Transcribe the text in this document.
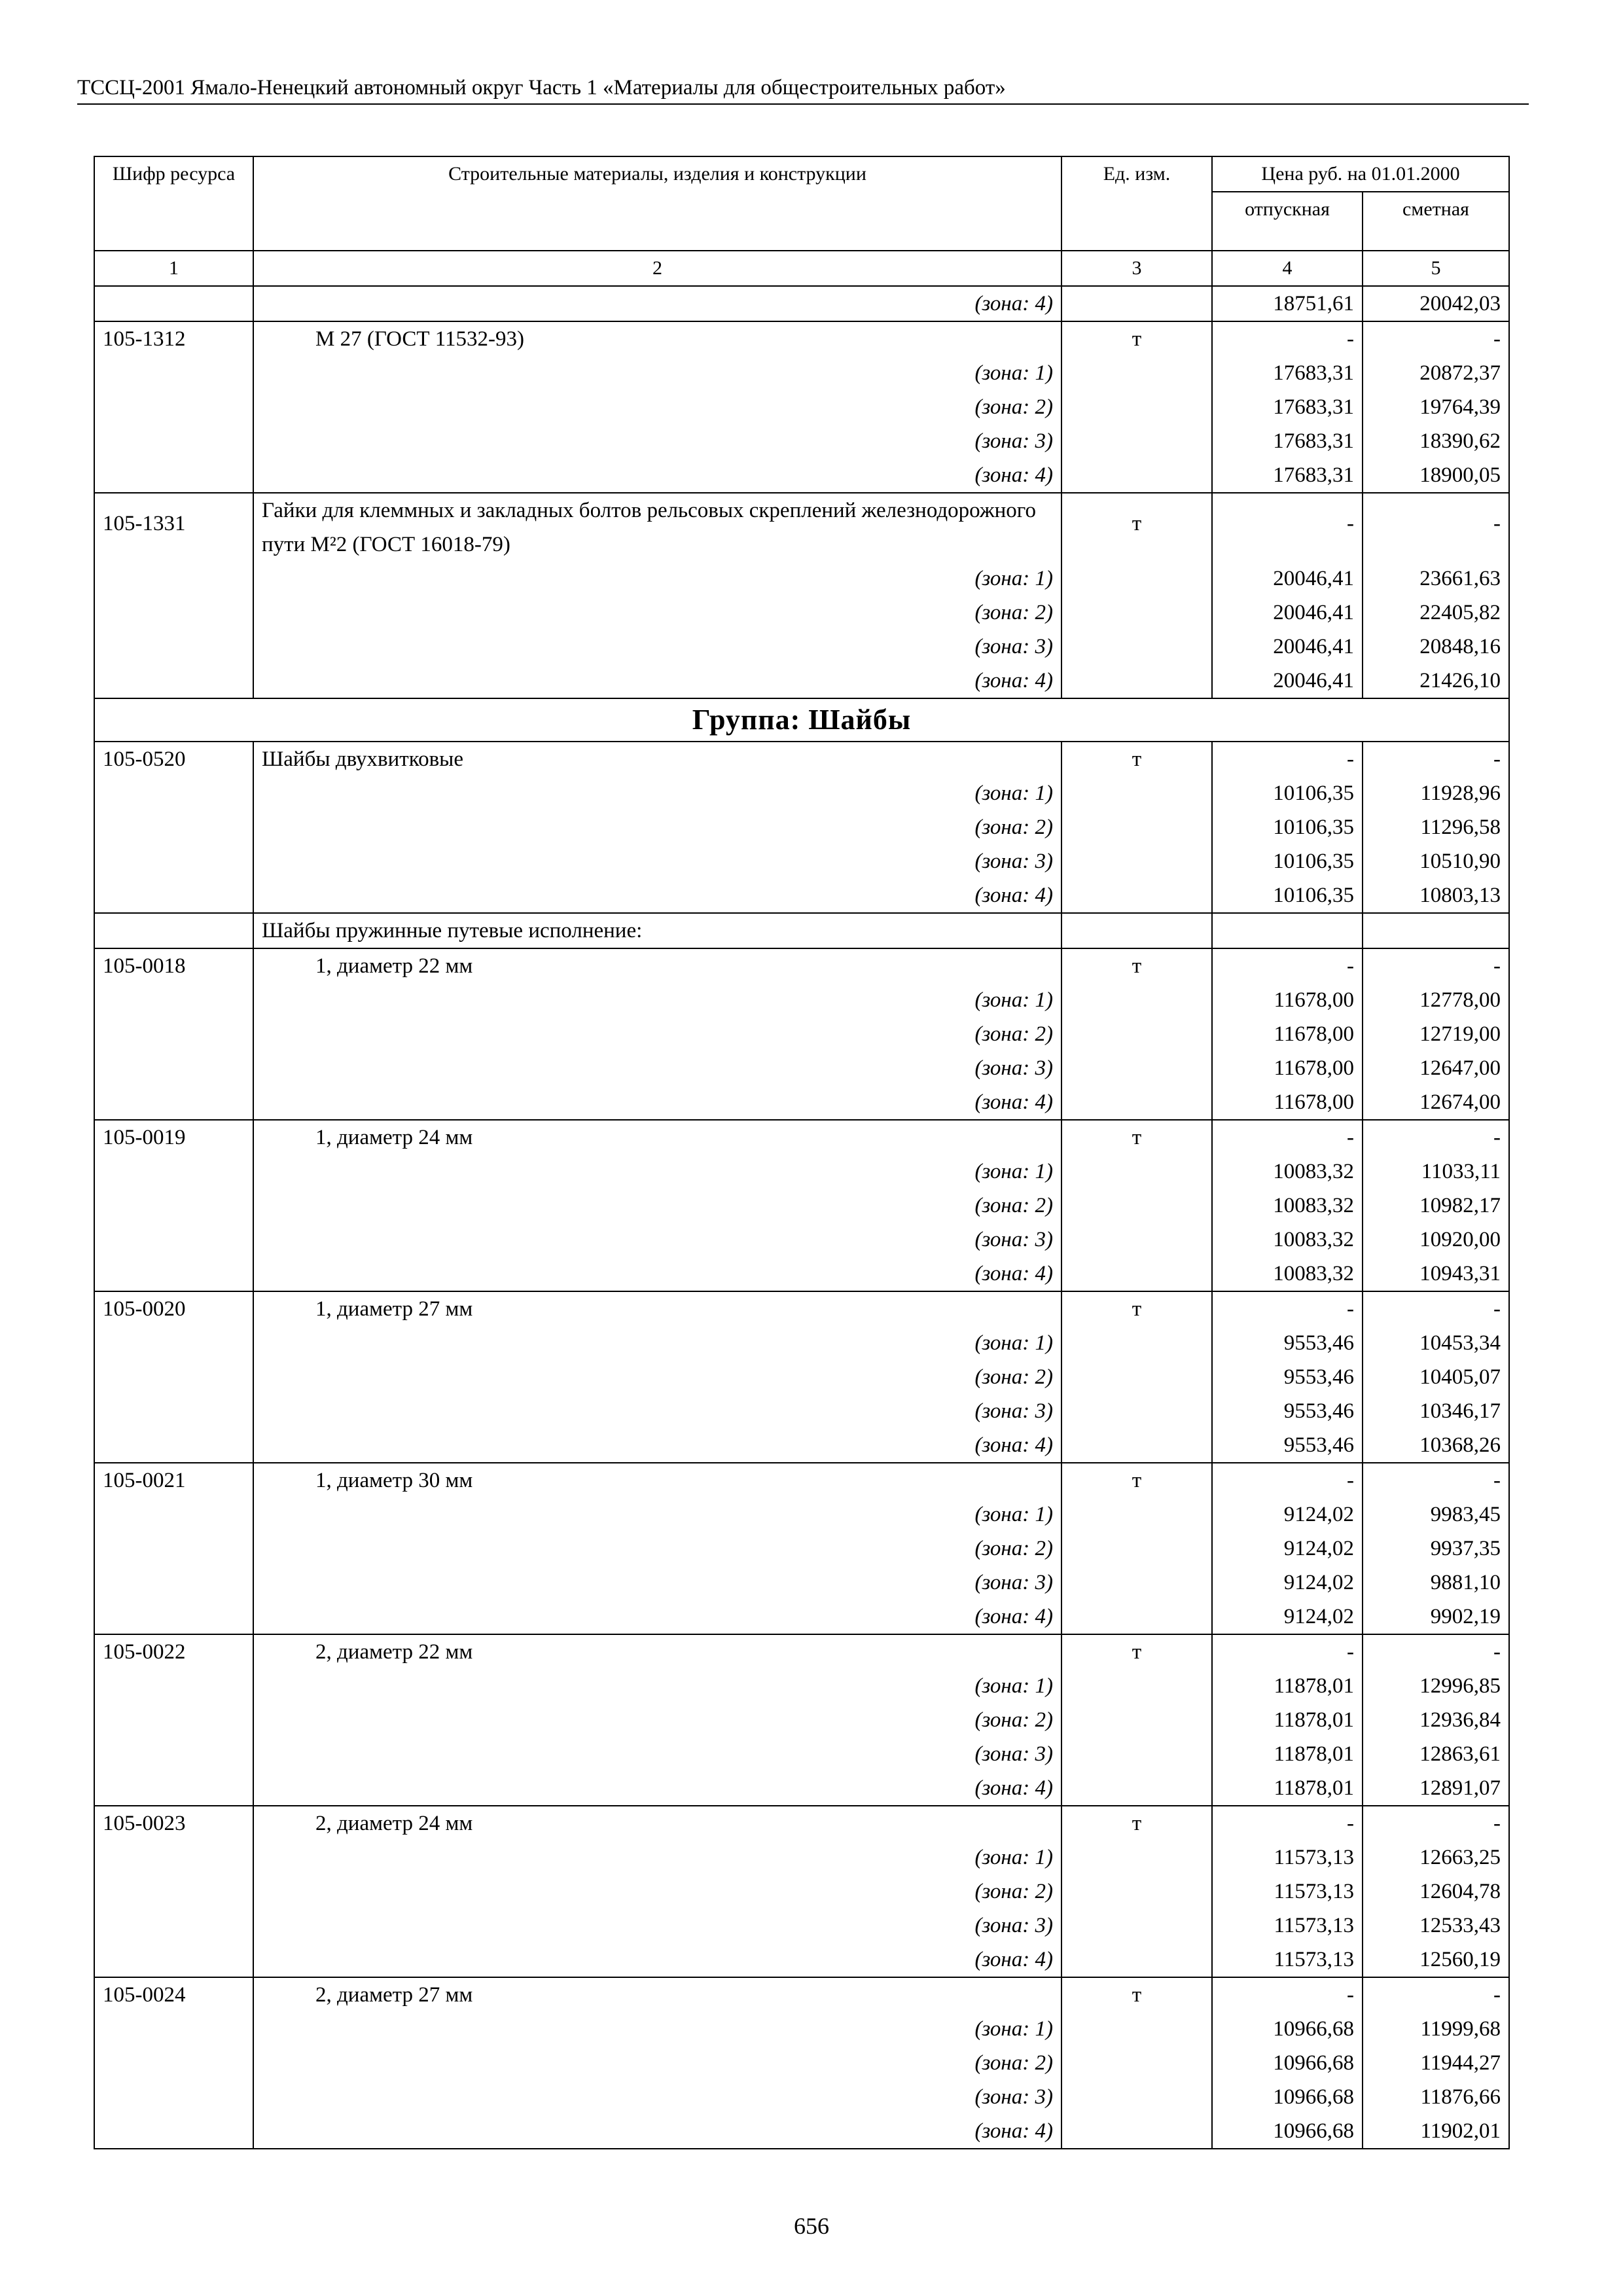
ТССЦ-2001 Ямало-Ненецкий автономный округ Часть 1 «Материалы для общестроительных работ»
Шифр ресурса	Строительные материалы, изделия и конструкции	Ед. изм.	Цена руб. на 01.01.2000	
			отпускная	сметная
1	2	3	4	5
	(зона: 4)		18751,61	20042,03
105-1312	М 27 (ГОСТ 11532-93)	т	-	-
	(зона: 1)		17683,31	20872,37
	(зона: 2)		17683,31	19764,39
	(зона: 3)		17683,31	18390,62
	(зона: 4)		17683,31	18900,05
105-1331	Гайки для клеммных и закладных болтов рельсовых скреплений железнодорожного пути М²2 (ГОСТ 16018-79)	т	-	-
	(зона: 1)		20046,41	23661,63
	(зона: 2)		20046,41	22405,82
	(зона: 3)		20046,41	20848,16
	(зона: 4)		20046,41	21426,10
Группа: Шайбы				
105-0520	Шайбы двухвитковые	т	-	-
	(зона: 1)		10106,35	11928,96
	(зона: 2)		10106,35	11296,58
	(зона: 3)		10106,35	10510,90
	(зона: 4)		10106,35	10803,13
	Шайбы пружинные путевые исполнение:			
105-0018	1, диаметр 22 мм	т	-	-
	(зона: 1)		11678,00	12778,00
	(зона: 2)		11678,00	12719,00
	(зона: 3)		11678,00	12647,00
	(зона: 4)		11678,00	12674,00
105-0019	1, диаметр 24 мм	т	-	-
	(зона: 1)		10083,32	11033,11
	(зона: 2)		10083,32	10982,17
	(зона: 3)		10083,32	10920,00
	(зона: 4)		10083,32	10943,31
105-0020	1, диаметр 27 мм	т	-	-
	(зона: 1)		9553,46	10453,34
	(зона: 2)		9553,46	10405,07
	(зона: 3)		9553,46	10346,17
	(зона: 4)		9553,46	10368,26
105-0021	1, диаметр 30 мм	т	-	-
	(зона: 1)		9124,02	9983,45
	(зона: 2)		9124,02	9937,35
	(зона: 3)		9124,02	9881,10
	(зона: 4)		9124,02	9902,19
105-0022	2, диаметр 22 мм	т	-	-
	(зона: 1)		11878,01	12996,85
	(зона: 2)		11878,01	12936,84
	(зона: 3)		11878,01	12863,61
	(зона: 4)		11878,01	12891,07
105-0023	2, диаметр 24 мм	т	-	-
	(зона: 1)		11573,13	12663,25
	(зона: 2)		11573,13	12604,78
	(зона: 3)		11573,13	12533,43
	(зона: 4)		11573,13	12560,19
105-0024	2, диаметр 27 мм	т	-	-
	(зона: 1)		10966,68	11999,68
	(зона: 2)		10966,68	11944,27
	(зона: 3)		10966,68	11876,66
	(зона: 4)		10966,68	11902,01
656
